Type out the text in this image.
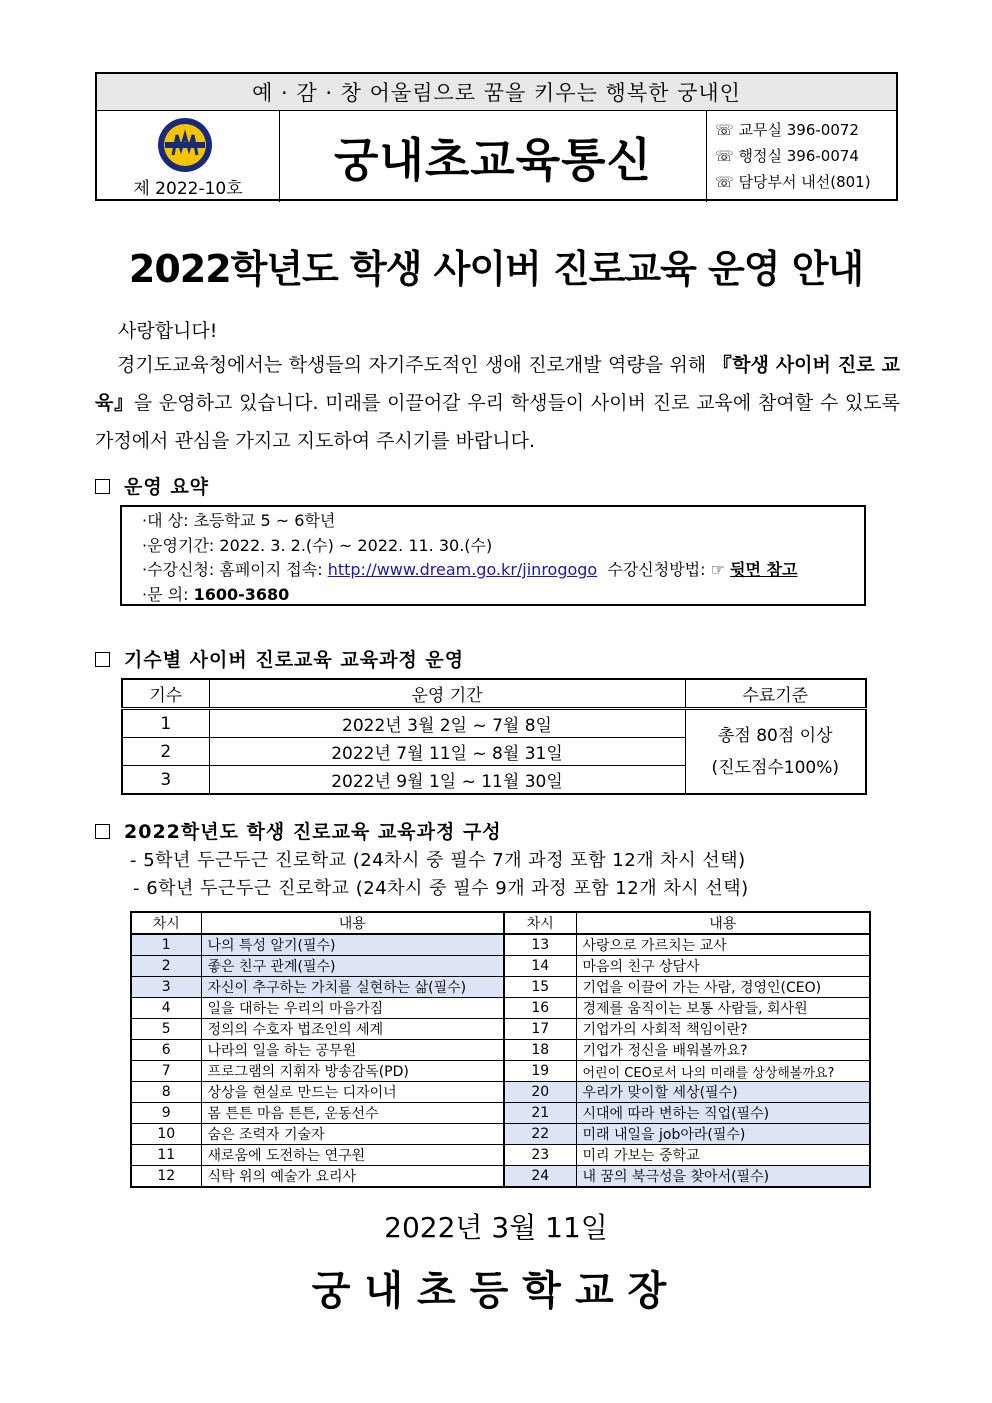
예 · 감 · 창 어울림으로 꿈을 키우는 행복한 궁내인
제 2022-10호
궁내초교육통신
☏ 교무실 396-0072
☏ 행정실 396-0074
☏ 담당부서 내선(801)
2022학년도 학생 사이버 진로교육 운영 안내
사랑합니다!
경기도교육청에서는 학생들의 자기주도적인 생애 진로개발 역량을 위해 『학생 사이버 진로 교육』을 운영하고 있습니다. 미래를 이끌어갈 우리 학생들이 사이버 진로 교육에 참여할 수 있도록 가정에서 관심을 가지고 지도하여 주시기를 바랍니다.
운영 요약
·대 상: 초등학교 5 ~ 6학년
·운영기간: 2022. 3. 2.(수) ~ 2022. 11. 30.(수)
·수강신청: 홈페이지 접속: http://www.dream.go.kr/jinrogogo 수강신청방법: ☞ 뒷면 참고
·문 의: 1600-3680
기수별 사이버 진로교육 교육과정 운영
기수	운영 기간	수료기준
1	2022년 3월 2일 ~ 7월 8일	총점 80점 이상
(진도점수100%)

2	2022년 7월 11일 ~ 8월 31일	
3	2022년 9월 1일 ~ 11월 30일	
2022학년도 학생 진로교육 교육과정 구성
- 5학년 두근두근 진로학교 (24차시 중 필수 7개 과정 포함 12개 차시 선택)
- 6학년 두근두근 진로학교 (24차시 중 필수 9개 과정 포함 12개 차시 선택)
차시	내용	차시	내용
1	나의 특성 알기(필수)	13	사랑으로 가르치는 교사
2	좋은 친구 관계(필수)	14	마음의 친구 상담사
3	자신이 추구하는 가치를 실현하는 삶(필수)	15	기업을 이끌어 가는 사람, 경영인(CEO)
4	일을 대하는 우리의 마음가짐	16	경제를 움직이는 보통 사람들, 회사원
5	정의의 수호자 법조인의 세계	17	기업가의 사회적 책임이란?
6	나라의 일을 하는 공무원	18	기업가 정신을 배워볼까요?
7	프로그램의 지휘자 방송감독(PD)	19	어린이 CEO로서 나의 미래를 상상해볼까요?
8	상상을 현실로 만드는 디자이너	20	우리가 맞이할 세상(필수)
9	몸 튼튼 마음 튼튼, 운동선수	21	시대에 따라 변하는 직업(필수)
10	숨은 조력자 기술자	22	미래 내일을 job아라(필수)
11	새로움에 도전하는 연구원	23	미리 가보는 중학교
12	식탁 위의 예술가 요리사	24	내 꿈의 북극성을 찾아서(필수)
2022년 3월 11일
궁내초등학교장
